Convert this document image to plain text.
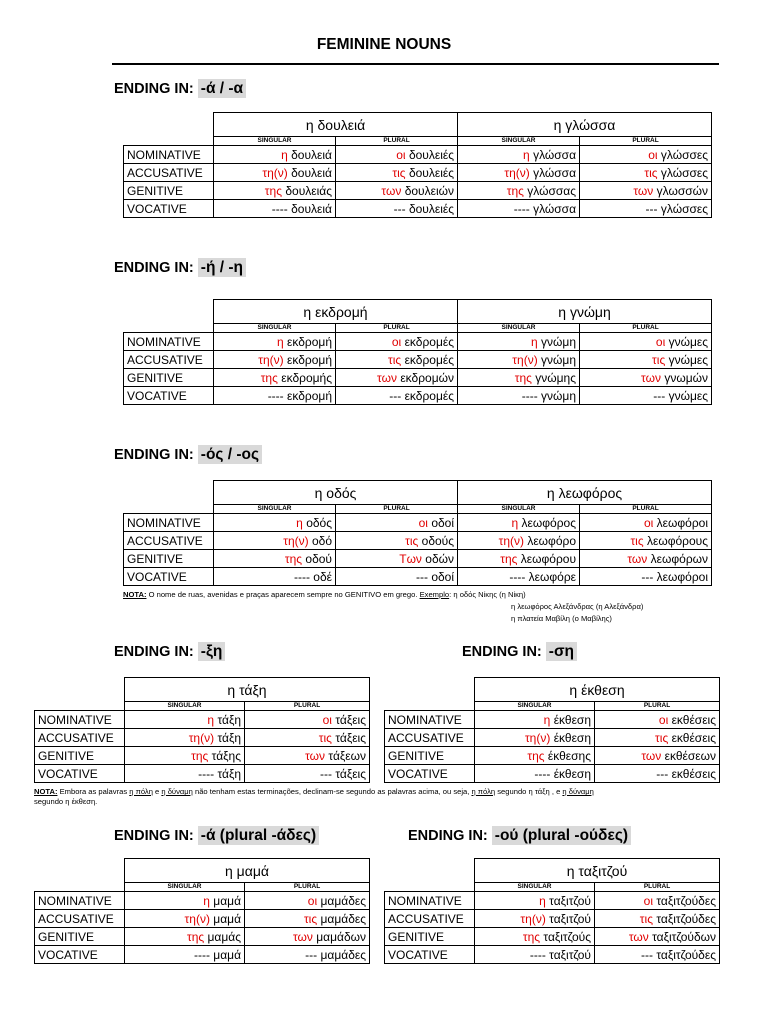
FEMININE NOUNS
ENDING IN: -ά / -α
ENDING IN: -ή / -η
ENDING IN: -ός / -ος
ENDING IN: -ξη	ENDING IN: -ση
ENDING IN: -ά (plural -άδες)	ENDING IN: -ού (plural -ούδες)
	η δουλειά		η γλώσσα	
	SINGULAR	PLURAL	SINGULAR	PLURAL
NOMINATIVE	η δουλειά	οι δουλειές	η γλώσσα	οι γλώσσες
ACCUSATIVE	τη(ν) δουλειά	τις δουλειές	τη(ν) γλώσσα	τις γλώσσες
GENITIVE	της δουλειάς	των δουλειών	της γλώσσας	των γλωσσών
VOCATIVE	---- δουλειά	--- δουλειές	---- γλώσσα	--- γλώσσες
	η εκδρομή		η γνώμη	
	SINGULAR	PLURAL	SINGULAR	PLURAL
NOMINATIVE	η εκδρομή	οι εκδρομές	η γνώμη	οι γνώμες
ACCUSATIVE	τη(ν) εκδρομή	τις εκδρομές	τη(ν) γνώμη	τις γνώμες
GENITIVE	της εκδρομής	των εκδρομών	της γνώμης	των γνωμών
VOCATIVE	---- εκδρομή	--- εκδρομές	---- γνώμη	--- γνώμες
	η οδός		η λεωφόρος	
	SINGULAR	PLURAL	SINGULAR	PLURAL
NOMINATIVE	η οδός	οι οδοί	η λεωφόρος	οι λεωφόροι
ACCUSATIVE	τη(ν) οδό	τις οδούς	τη(ν) λεωφόρο	τις λεωφόρους
GENITIVE	της οδού	Των οδών	της λεωφόρου	των λεωφόρων
VOCATIVE	---- οδέ	--- οδοί	---- λεωφόρε	--- λεωφόροι
	η τάξη	
	SINGULAR	PLURAL
NOMINATIVE	η τάξη	οι τάξεις
ACCUSATIVE	τη(ν) τάξη	τις τάξεις
GENITIVE	της τάξης	των τάξεων
VOCATIVE	---- τάξη	--- τάξεις
	η έκθεση	
	SINGULAR	PLURAL
NOMINATIVE	η έκθεση	οι εκθέσεις
ACCUSATIVE	τη(ν) έκθεση	τις εκθέσεις
GENITIVE	της έκθεσης	των εκθέσεων
VOCATIVE	---- έκθεση	--- εκθέσεις
	η μαμά	
	SINGULAR	PLURAL
NOMINATIVE	η μαμά	οι μαμάδες
ACCUSATIVE	τη(ν) μαμά	τις μαμάδες
GENITIVE	της μαμάς	των μαμάδων
VOCATIVE	---- μαμά	--- μαμάδες
	η ταξιτζού	
	SINGULAR	PLURAL
NOMINATIVE	η ταξιτζού	οι ταξιτζούδες
ACCUSATIVE	τη(ν) ταξιτζού	τις ταξιτζούδες
GENITIVE	της ταξιτζούς	των ταξιτζούδων
VOCATIVE	---- ταξιτζού	--- ταξιτζούδες
NOTA: O nome de ruas, avenidas e praças aparecem sempre no GENITIVO em grego. Exemplo: η οδός Νίκης (η Νίκη)
η λεωφόρος Αλεξάνδρας (η Αλεξάνδρα)
η πλατεία Μαβίλη (ο Μαβίλης)
NOTA: Embora as palavras η πόλη e η δύναμη não tenham estas terminações, declinam-se segundo as palavras acima, ou seja, η πόλη segundo η τάξη , e η δύναμη
segundo η έκθεση.
